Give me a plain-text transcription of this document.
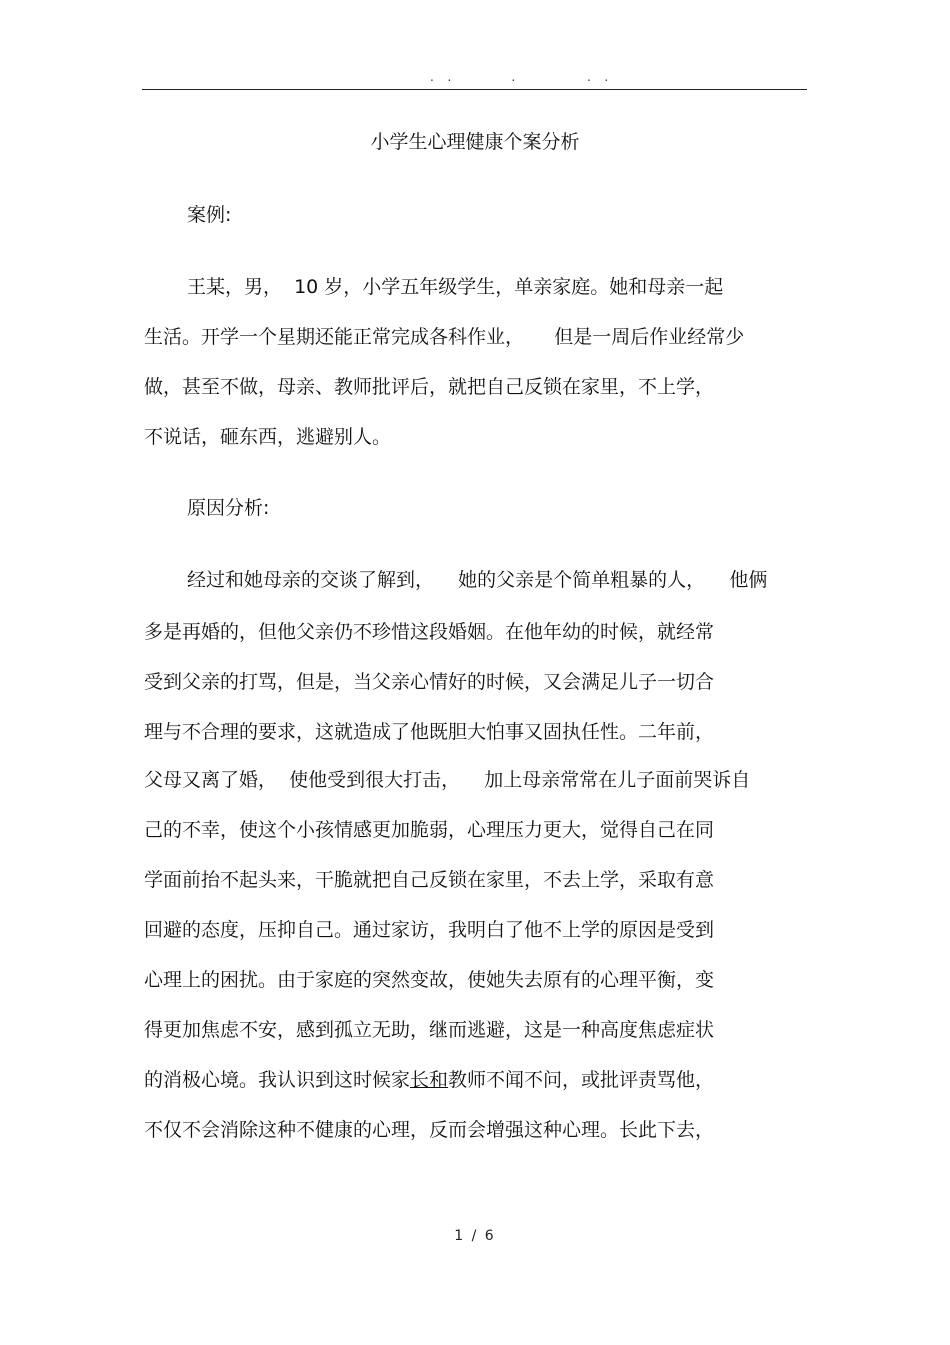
.  .          .            .  .
小学生心理健康个案分析
案例:
王某，男，  10 岁，小学五年级学生，单亲家庭。她和母亲一起
生活。开学一个星期还能正常完成各科作业，     但是一周后作业经常少
做，甚至不做，母亲、教师批评后，就把自己反锁在家里，不上学，
不说话，砸东西，逃避别人。
原因分析:
经过和她母亲的交谈了解到，    她的父亲是个简单粗暴的人，    他俩
多是再婚的，但他父亲仍不珍惜这段婚姻。在他年幼的时候，就经常
受到父亲的打骂，但是，当父亲心情好的时候，又会满足儿子一切合
理与不合理的要求，这就造成了他既胆大怕事又固执任性。二年前，
父母又离了婚，  使他受到很大打击，    加上母亲常常在儿子面前哭诉自
己的不幸，使这个小孩情感更加脆弱，心理压力更大，觉得自己在同
学面前抬不起头来，干脆就把自己反锁在家里，不去上学，采取有意
回避的态度，压抑自己。通过家访，我明白了他不上学的原因是受到
心理上的困扰。由于家庭的突然变故，使她失去原有的心理平衡，变
得更加焦虑不安，感到孤立无助，继而逃避，这是一种高度焦虑症状
的消极心境。我认识到这时候家长和教师不闻不问，或批评责骂他，
不仅不会消除这种不健康的心理，反而会增强这种心理。长此下去，
1 / 6
